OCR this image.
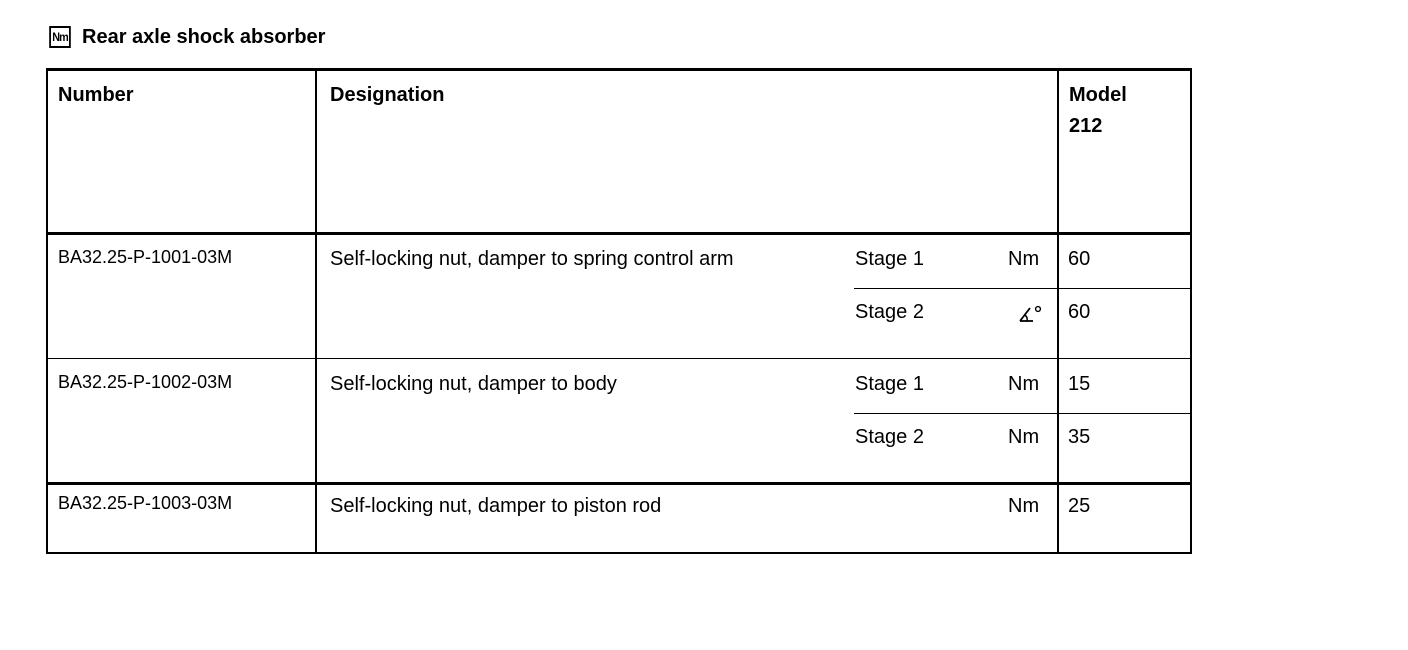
Nm Rear axle shock absorber
Number	Designation	Model
212
BA32.25-P-1001-03M	Self-locking nut, damper to spring control arm	Stage 1	Nm 60
Stage 2	60
BA32.25-P-1002-03M	Self-locking nut, damper to body	Stage 1	Nm 15
Stage 2	Nm 35
BA32.25-P-1003-03M	Self-locking nut, damper to piston rod	Nm 25
